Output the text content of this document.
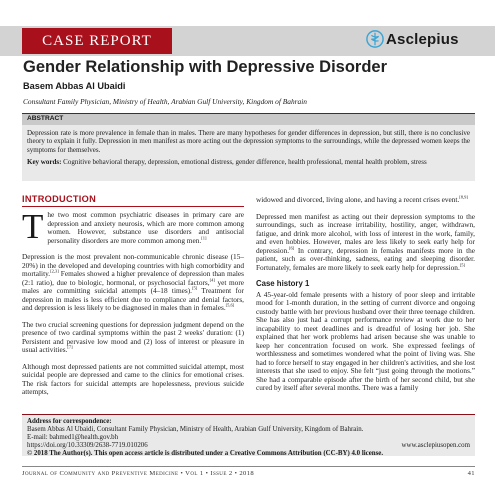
CASE REPORT	Asclepius
Gender Relationship with Depressive Disorder
Basem Abbas Al Ubaidi
Consultant Family Physician, Ministry of Health, Arabian Gulf University, Kingdom of Bahrain
ABSTRACT
Depression rate is more prevalence in female than in males. There are many hypotheses for gender differences in depression, but still, there is no conclusive theory to explain it fully. Depression in men manifest as more acting out the depression symptoms to the surroundings, while the depressed women keeps the symptoms for themselves.
Key words: Cognitive behavioral therapy, depression, emotional distress, gender difference, health professional, mental health problem, stress
INTRODUCTION

The two most common psychiatric diseases in primary care are depression and anxiety neurosis, which are more common among women. However, substance use disorders and antisocial personality disorders are more common among men.[1]

Depression is the most prevalent non-communicable chronic disease (15–20%) in the developed and developing countries with high comorbidity and mortality.[2,3] Females showed a higher prevalence of depression than males (2:1 ratio), due to biologic, hormonal, or psychosocial factors,[4] yet more males are committing suicidal attempts (4–18 times).[5] Treatment for depression in males is less efficient due to compliance and denial factors, and depression is less likely to be diagnosed in males than in females.[5,6]

The two crucial screening questions for depression judgment depend on the presence of two cardinal symptoms within the past 2 weeks' duration: (1) Persistent and pervasive low mood and (2) loss of interest or pleasure in usual activities.[7]

Although most depressed patients are not committed suicidal attempt, most suicidal people are depressed and came to the clinics for emotional crises. The risk factors for suicidal attempts are hopelessness, previous suicide attempts,

widowed and divorced, living alone, and having a recent crises event.[8,9]

Depressed men manifest as acting out their depression symptoms to the surroundings, such as increase irritability, hostility, anger, withdrawn, fatigue, and drink more alcohol, with loss of interest in the work, family, and even hobbies. However, males are less likely to seek early help for depression.[6] In contrary, depression in females manifests more in the patient, such as over-thinking, sadness, eating and sleeping disorder. Fortunately, females are more likely to seek early help for depression.[5]

Case history 1

A 45-year-old female presents with a history of poor sleep and irritable mood for 1-month duration, in the setting of current divorce and ongoing custody battle with her previous husband over their three teenage children. She has also just had a corrupt performance review at work due to her incapability to meet deadlines and is dreadful of losing her job. She explained that her work problems had arisen because she was unable to keep her concentration focused on work. She expressed feelings of worthlessness and sometimes wondered what the point of living was. She had to force herself to stay engaged in her children's activities, and she lost interests that she used to enjoy. She felt “just going through the motions.” She had a comparable episode after the birth of her second child, but she cured by itself after several months. There was a family

Address for correspondence:
Basem Abbas Al Ubaidi, Consultant Family Physician, Ministry of Health, Arabian Gulf University, Kingdom of Bahrain.
E-mail: bahmed1@health.gov.bh
https://doi.org/10.33309/2638-7719.010206	www.asclepiusopen.com
© 2018 The Author(s). This open access article is distributed under a Creative Commons Attribution (CC-BY) 4.0 license.
Journal of Community and Preventive Medicine • Vol 1 • Issue 2 • 2018	41
